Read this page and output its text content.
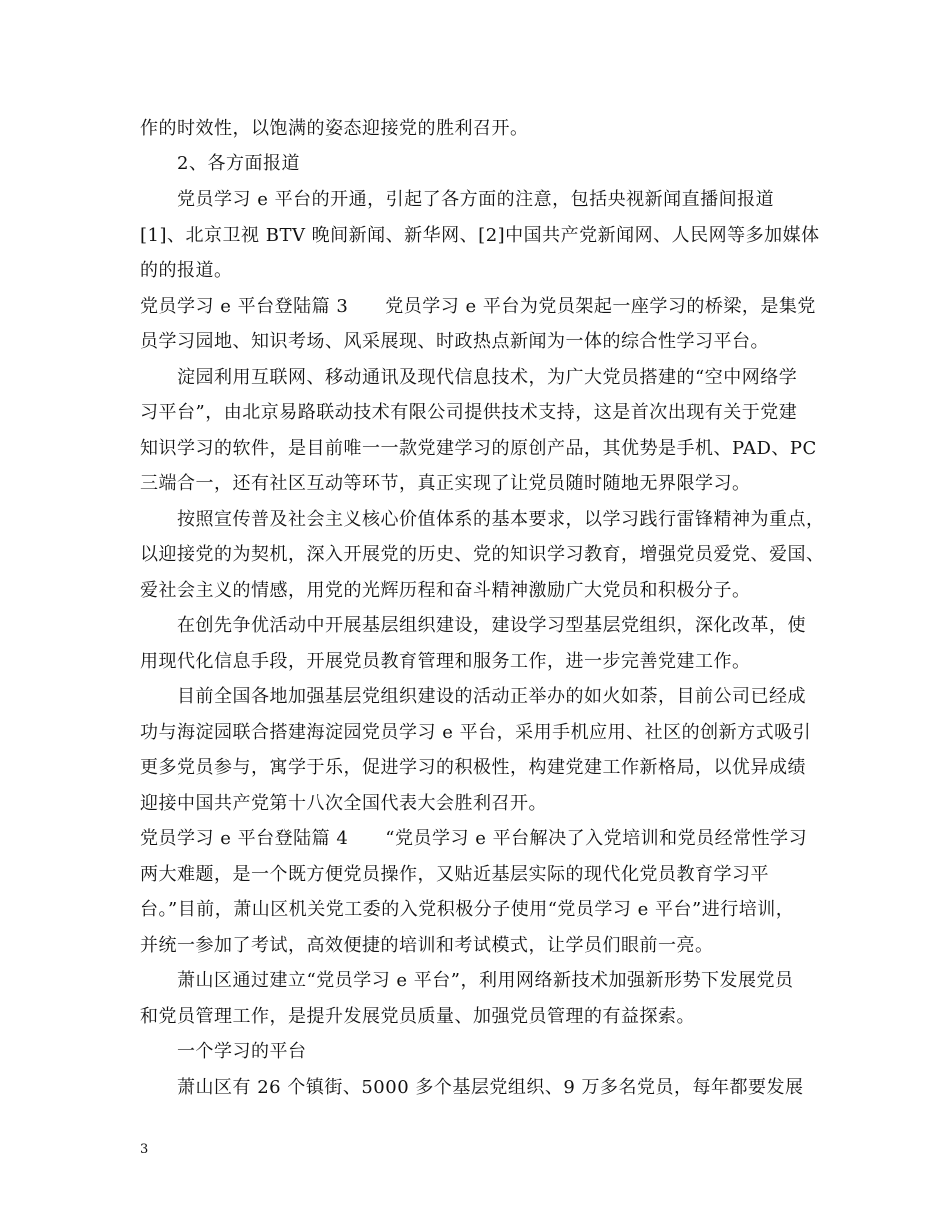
作的时效性，以饱满的姿态迎接党的胜利召开。
　　2、各方面报道
　　党员学习 e 平台的开通，引起了各方面的注意，包括央视新闻直播间报道
[1]、北京卫视 BTV 晚间新闻、新华网、[2]中国共产党新闻网、人民网等多加媒体
的的报道。
党员学习 e 平台登陆篇 3　　党员学习 e 平台为党员架起一座学习的桥梁，是集党
员学习园地、知识考场、风采展现、时政热点新闻为一体的综合性学习平台。
　　淀园利用互联网、移动通讯及现代信息技术，为广大党员搭建的“空中网络学
习平台”，由北京易路联动技术有限公司提供技术支持，这是首次出现有关于党建
知识学习的软件，是目前唯一一款党建学习的原创产品，其优势是手机、PAD、PC
三端合一，还有社区互动等环节，真正实现了让党员随时随地无界限学习。
　　按照宣传普及社会主义核心价值体系的基本要求，以学习践行雷锋精神为重点，
以迎接党的为契机，深入开展党的历史、党的知识学习教育，增强党员爱党、爱国、
爱社会主义的情感，用党的光辉历程和奋斗精神激励广大党员和积极分子。
　　在创先争优活动中开展基层组织建设，建设学习型基层党组织，深化改革，使
用现代化信息手段，开展党员教育管理和服务工作，进一步完善党建工作。
　　目前全国各地加强基层党组织建设的活动正举办的如火如荼，目前公司已经成
功与海淀园联合搭建海淀园党员学习 e 平台，采用手机应用、社区的创新方式吸引
更多党员参与，寓学于乐，促进学习的积极性，构建党建工作新格局，以优异成绩
迎接中国共产党第十八次全国代表大会胜利召开。
党员学习 e 平台登陆篇 4　　“党员学习 e 平台解决了入党培训和党员经常性学习
两大难题，是一个既方便党员操作，又贴近基层实际的现代化党员教育学习平
台。”目前，萧山区机关党工委的入党积极分子使用“党员学习 e 平台”进行培训，
并统一参加了考试，高效便捷的培训和考试模式，让学员们眼前一亮。
　　萧山区通过建立“党员学习 e 平台”，利用网络新技术加强新形势下发展党员
和党员管理工作，是提升发展党员质量、加强党员管理的有益探索。
　　一个学习的平台
　　萧山区有 26 个镇街、5000 多个基层党组织、9 万多名党员，每年都要发展
3
